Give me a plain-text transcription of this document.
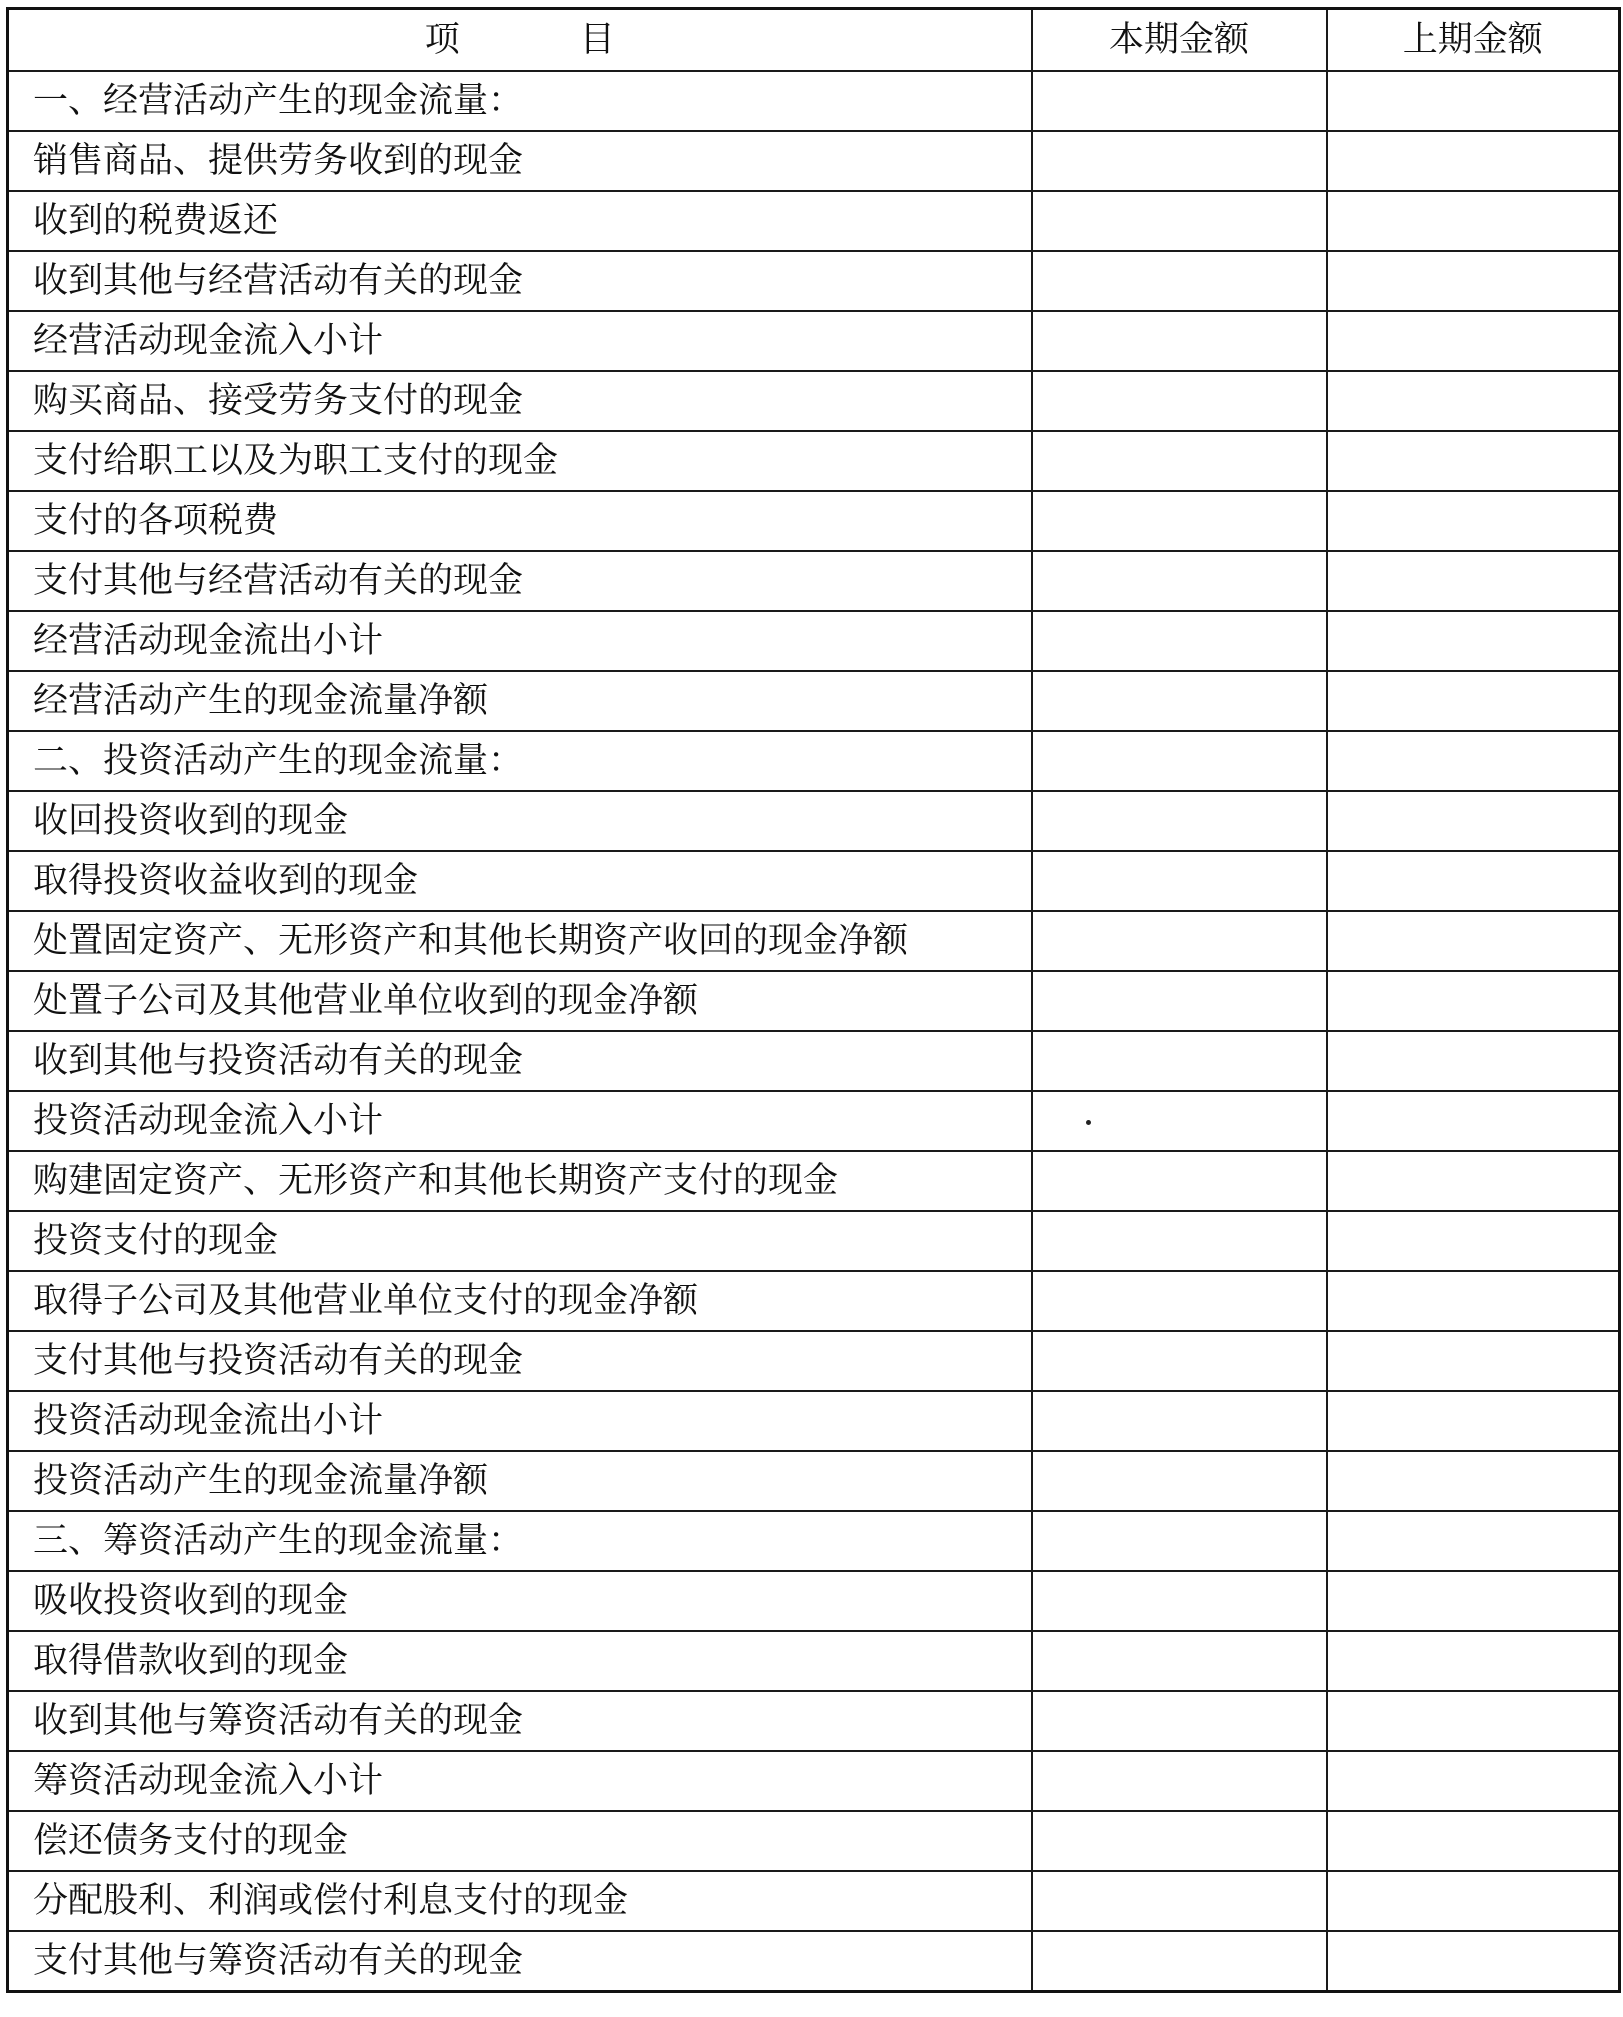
项 目	本期金额	上期金额
一、经营活动产生的现金流量：		
销售商品、提供劳务收到的现金		
收到的税费返还		
收到其他与经营活动有关的现金		
经营活动现金流入小计		
购买商品、接受劳务支付的现金		
支付给职工以及为职工支付的现金		
支付的各项税费		
支付其他与经营活动有关的现金		
经营活动现金流出小计		
经营活动产生的现金流量净额		
二、投资活动产生的现金流量：		
收回投资收到的现金		
取得投资收益收到的现金		
处置固定资产、无形资产和其他长期资产收回的现金净额		
处置子公司及其他营业单位收到的现金净额		
收到其他与投资活动有关的现金		
投资活动现金流入小计		
购建固定资产、无形资产和其他长期资产支付的现金		
投资支付的现金		
取得子公司及其他营业单位支付的现金净额		
支付其他与投资活动有关的现金		
投资活动现金流出小计		
投资活动产生的现金流量净额		
三、筹资活动产生的现金流量：		
吸收投资收到的现金		
取得借款收到的现金		
收到其他与筹资活动有关的现金		
筹资活动现金流入小计		
偿还债务支付的现金		
分配股利、利润或偿付利息支付的现金		
支付其他与筹资活动有关的现金		
